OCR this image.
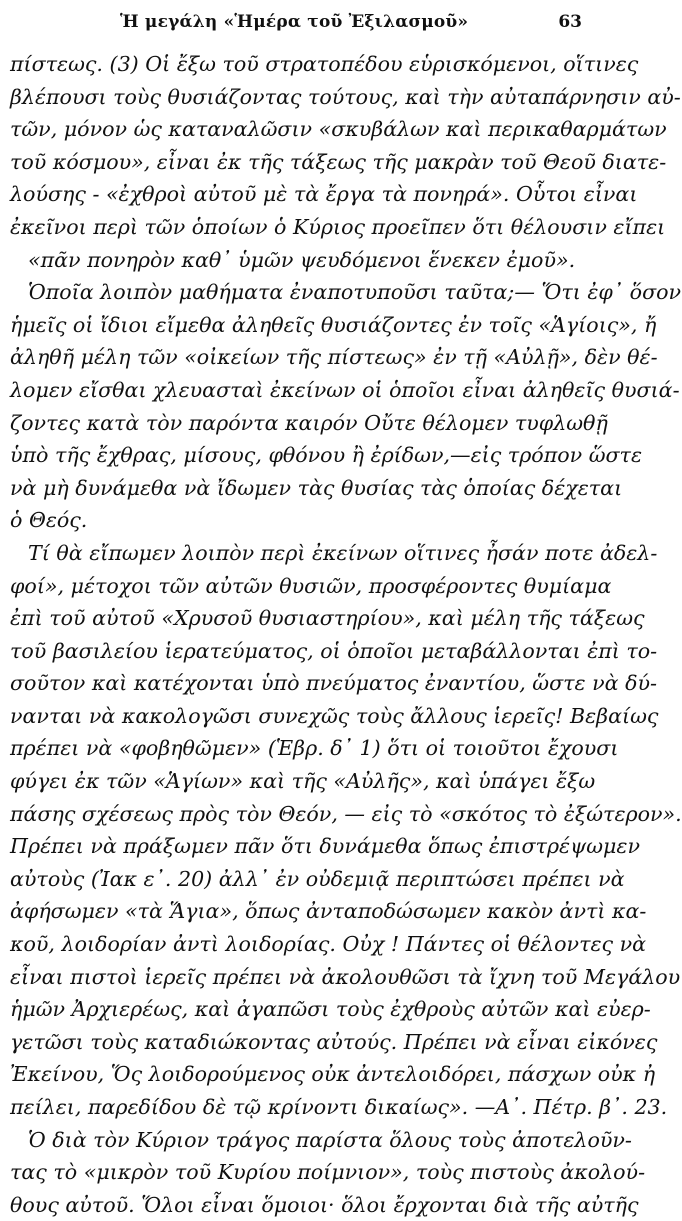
Ἡ μεγάλη «Ἡμέρα τοῦ Ἐξιλασμοῦ»	63
πίστεως. (3) Οἱ ἔξω τοῦ στρατοπέδου εὑρισκόμενοι, οἵτινες
βλέπουσι τοὺς θυσιάζοντας τούτους, καὶ τὴν αὐταπάρνησιν αὐ-
τῶν, μόνον ὡς καταναλῶσιν «σκυβάλων καὶ περικαθαρμάτων
τοῦ κόσμου», εἶναι ἐκ τῆς τάξεως τῆς μακρὰν τοῦ Θεοῦ διατε-
λούσης - «ἐχθροὶ αὐτοῦ μὲ τὰ ἔργα τὰ πονηρά». Οὗτοι εἶναι
ἐκεῖνοι περὶ τῶν ὁποίων ὁ Κύριος προεῖπεν ὅτι θέλουσιν εἴπει
«πᾶν πονηρὸν καθ᾽ ὑμῶν ψευδόμενοι ἕνεκεν ἐμοῦ».
Ὁποῖα λοιπὸν μαθήματα ἐναποτυποῦσι ταῦτα;— Ὅτι ἐφ᾽ ὅσον
ἡμεῖς οἱ ἴδιοι εἴμεθα ἀληθεῖς θυσιάζοντες ἐν τοῖς «Ἁγίοις», ἤ
ἀληθῆ μέλη τῶν «οἰκείων τῆς πίστεως» ἐν τῇ «Αὐλῇ», δὲν θέ-
λομεν εἴσθαι χλευασταὶ ἐκείνων οἱ ὁποῖοι εἶναι ἀληθεῖς θυσιά-
ζοντες κατὰ τὸν παρόντα καιρόν Οὔτε θέλομεν τυφλωθῇ
ὑπὸ τῆς ἔχθρας, μίσους, φθόνου ἢ ἐρίδων,—εἰς τρόπον ὥστε
νὰ μὴ δυνάμεθα νὰ ἴδωμεν τὰς θυσίας τὰς ὁποίας δέχεται
ὁ Θεός.
Τί θὰ εἴπωμεν λοιπὸν περὶ ἐκείνων οἵτινες ἦσάν ποτε ἀδελ-
φοί», μέτοχοι τῶν αὐτῶν θυσιῶν, προσφέροντες θυμίαμα
ἐπὶ τοῦ αὐτοῦ «Χρυσοῦ θυσιαστηρίου», καὶ μέλη τῆς τάξεως
τοῦ βασιλείου ἱερατεύματος, οἱ ὁποῖοι μεταβάλλονται ἐπὶ το-
σοῦτον καὶ κατέχονται ὑπὸ πνεύματος ἐναντίου, ὥστε νὰ δύ-
νανται νὰ κακολογῶσι συνεχῶς τοὺς ἄλλους ἱερεῖς! Βεβαίως
πρέπει νὰ «φοβηθῶμεν» (Ἑβρ. δ᾽ 1) ὅτι οἱ τοιοῦτοι ἔχουσι
φύγει ἐκ τῶν «Ἁγίων» καὶ τῆς «Αὐλῆς», καὶ ὑπάγει ἔξω
πάσης σχέσεως πρὸς τὸν Θεόν, — εἰς τὸ «σκότος τὸ ἐξώτερον».
Πρέπει νὰ πράξωμεν πᾶν ὅτι δυνάμεθα ὅπως ἐπιστρέψωμεν
αὐτοὺς (Ἰακ ε᾽. 20) ἀλλ᾽ ἐν οὐδεμιᾷ περιπτώσει πρέπει νὰ
ἀφήσωμεν «τὰ Ἅγια», ὅπως ἀνταποδώσωμεν κακὸν ἀντὶ κα-
κοῦ, λοιδορίαν ἀντὶ λοιδορίας. Οὐχ ! Πάντες οἱ θέλοντες νὰ
εἶναι πιστοὶ ἱερεῖς πρέπει νὰ ἀκολουθῶσι τὰ ἴχνη τοῦ Μεγάλου
ἡμῶν Ἀρχιερέως, καὶ ἀγαπῶσι τοὺς ἐχθροὺς αὐτῶν καὶ εὐερ-
γετῶσι τοὺς καταδιώκοντας αὐτούς. Πρέπει νὰ εἶναι εἰκόνες
Ἐκείνου, Ὅς λοιδορούμενος οὐκ ἀντελοιδόρει, πάσχων οὐκ ἠ
πείλει, παρεδίδου δὲ τῷ κρίνοντι δικαίως». —Α᾽. Πέτρ. β᾽. 23.
Ὁ διὰ τὸν Κύριον τράγος παρίστα ὅλους τοὺς ἀποτελοῦν-
τας τὸ «μικρὸν τοῦ Κυρίου ποίμνιον», τοὺς πιστοὺς ἀκολού-
θους αὐτοῦ. Ὅλοι εἶναι ὅμοιοι· ὅλοι ἔρχονται διὰ τῆς αὐτῆς
